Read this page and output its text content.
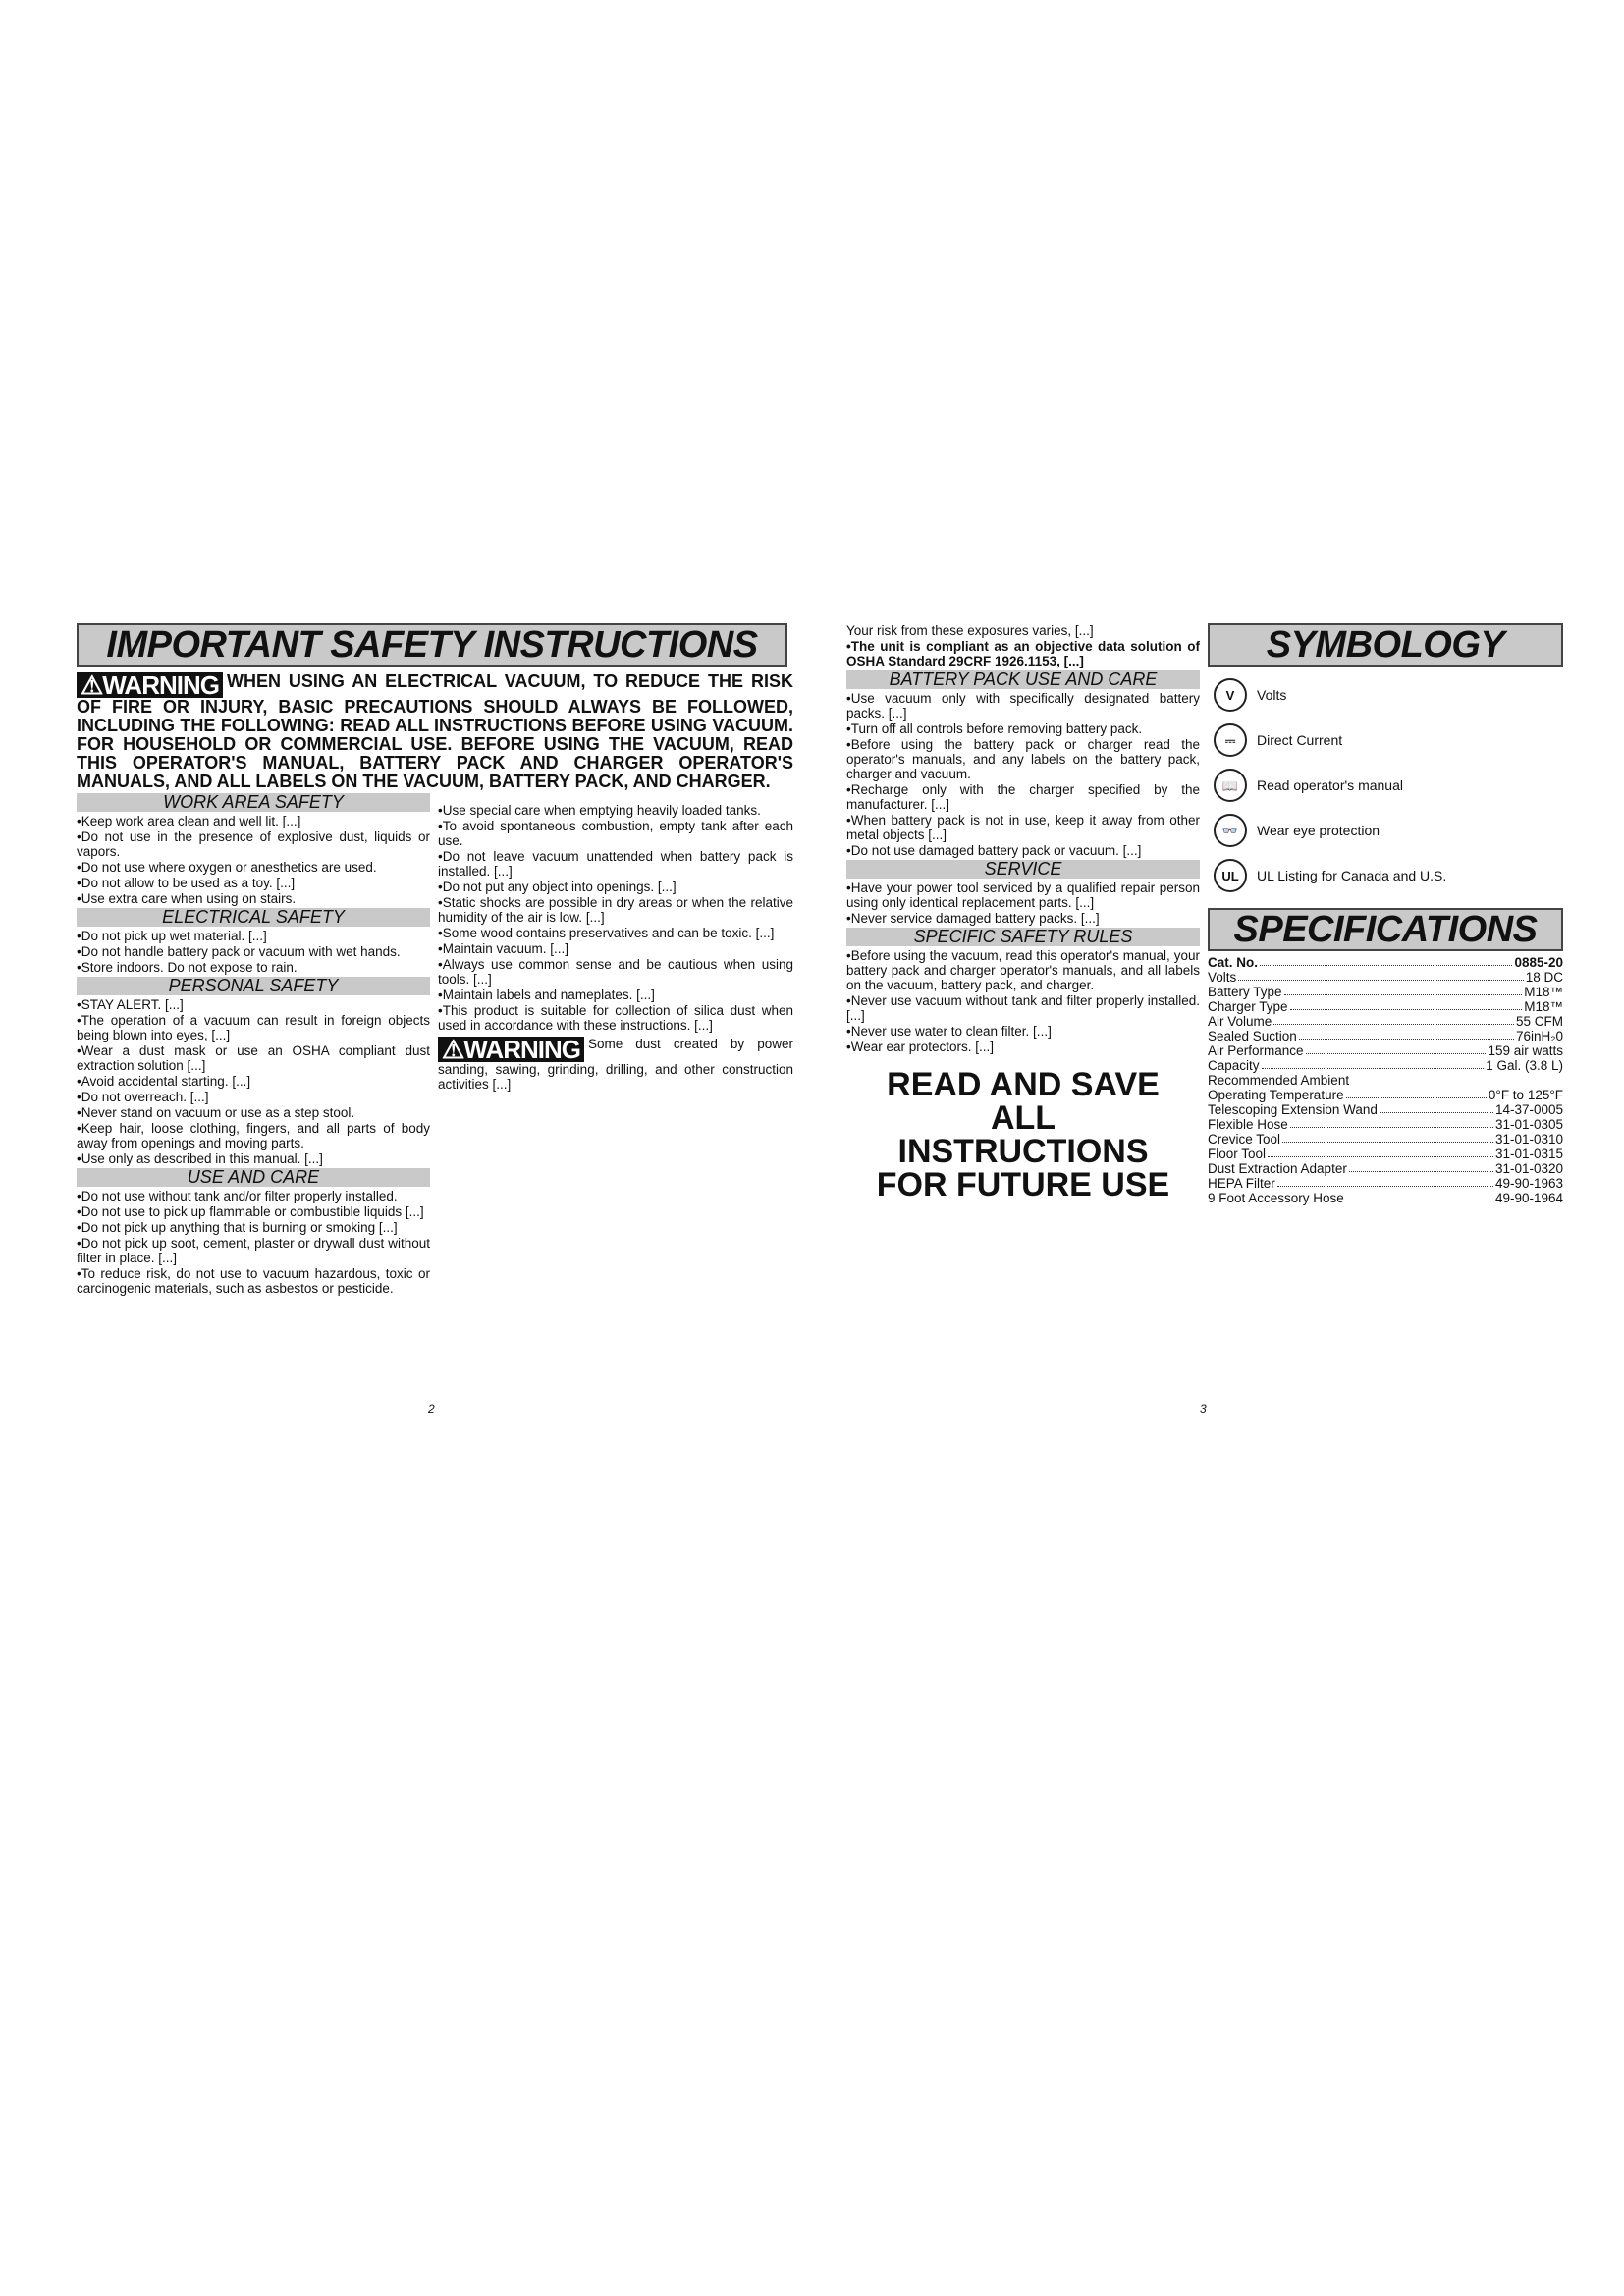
IMPORTANT SAFETY INSTRUCTIONS
⚠WARNING WHEN USING AN ELECTRICAL VACUUM, TO REDUCE THE RISK OF FIRE OR INJURY, BASIC PRECAUTIONS SHOULD ALWAYS BE FOLLOWED, INCLUDING THE FOLLOWING: READ ALL INSTRUCTIONS BEFORE USING VACUUM. FOR HOUSEHOLD OR COMMERCIAL USE. BEFORE USING THE VACUUM, READ THIS OPERATOR'S MANUAL, BATTERY PACK AND CHARGER OPERATOR'S MANUALS, AND ALL LABELS ON THE VACUUM, BATTERY PACK, AND CHARGER.
WORK AREA SAFETY
•Keep work area clean and well lit. [...]
•Do not use in the presence of explosive dust, liquids or vapors.
•Do not use where oxygen or anesthetics are used.
•Do not allow to be used as a toy. [...]
•Use extra care when using on stairs.
ELECTRICAL SAFETY
•Do not pick up wet material. [...]
•Do not handle battery pack or vacuum with wet hands.
•Store indoors. Do not expose to rain.
PERSONAL SAFETY
•STAY ALERT. [...]
•The operation of a vacuum can result in foreign objects being blown into eyes, [...]
•Wear a dust mask or use an OSHA compliant dust extraction solution [...]
•Avoid accidental starting. [...]
•Do not overreach. [...]
•Never stand on vacuum or use as a step stool.
•Keep hair, loose clothing, fingers, and all parts of body away from openings and moving parts.
•Use only as described in this manual. [...]
USE AND CARE
•Do not use without tank and/or filter properly installed.
•Do not use to pick up flammable or combustible liquids [...]
•Do not pick up anything that is burning or smoking [...]
•Do not pick up soot, cement, plaster or drywall dust without filter in place. [...]
•To reduce risk, do not use to vacuum hazardous, toxic or carcinogenic materials, such as asbestos or pesticide.
•Use special care when emptying heavily loaded tanks.
•To avoid spontaneous combustion, empty tank after each use.
•Do not leave vacuum unattended when battery pack is installed. [...]
•Do not put any object into openings. [...]
•Static shocks are possible in dry areas or when the relative humidity of the air is low. [...]
•Some wood contains preservatives and can be toxic. [...]
•Maintain vacuum. [...]
•Always use common sense and be cautious when using tools. [...]
•Maintain labels and nameplates. [...]
•This product is suitable for collection of silica dust when used in accordance with these instructions. [...]
⚠WARNING Some dust created by power sanding, sawing, grinding, drilling, and other construction activities [...]
2
Your risk from these exposures varies, [...]
•The unit is compliant as an objective data solution of OSHA Standard 29CRF 1926.1153, [...]
BATTERY PACK USE AND CARE
•Use vacuum only with specifically designated battery packs. [...]
•Turn off all controls before removing battery pack.
•Before using the battery pack or charger read the operator's manuals, and any labels on the battery pack, charger and vacuum.
•Recharge only with the charger specified by the manufacturer. [...]
•When battery pack is not in use, keep it away from other metal objects [...]
•Do not use damaged battery pack or vacuum. [...]
SERVICE
•Have your power tool serviced by a qualified repair person using only identical replacement parts. [...]
•Never service damaged battery packs. [...]
SPECIFIC SAFETY RULES
•Before using the vacuum, read this operator's manual, your battery pack and charger operator's manuals, and all labels on the vacuum, battery pack, and charger.
•Never use vacuum without tank and filter properly installed. [...]
•Never use water to clean filter. [...]
•Wear ear protectors. [...]
READ AND SAVE
ALL
INSTRUCTIONS
FOR FUTURE USE
3
SYMBOLOGY
V	Volts
⎓	Direct Current
📖	Read operator's manual
👓	Wear eye protection
UL	UL Listing for Canada and U.S.
SPECIFICATIONS
Cat. No.	0885-20
Volts	18 DC
Battery Type	M18™
Charger Type	M18™
Air Volume	55 CFM
Sealed Suction	76inH₂0
Air Performance	159 air watts
Capacity	1 Gal. (3.8 L)
Recommended Ambient
Operating Temperature	0°F to 125°F
Telescoping Extension Wand	14-37-0005
Flexible Hose	31-01-0305
Crevice Tool	31-01-0310
Floor Tool	31-01-0315
Dust Extraction Adapter	31-01-0320
HEPA Filter	49-90-1963
9 Foot Accessory Hose	49-90-1964
